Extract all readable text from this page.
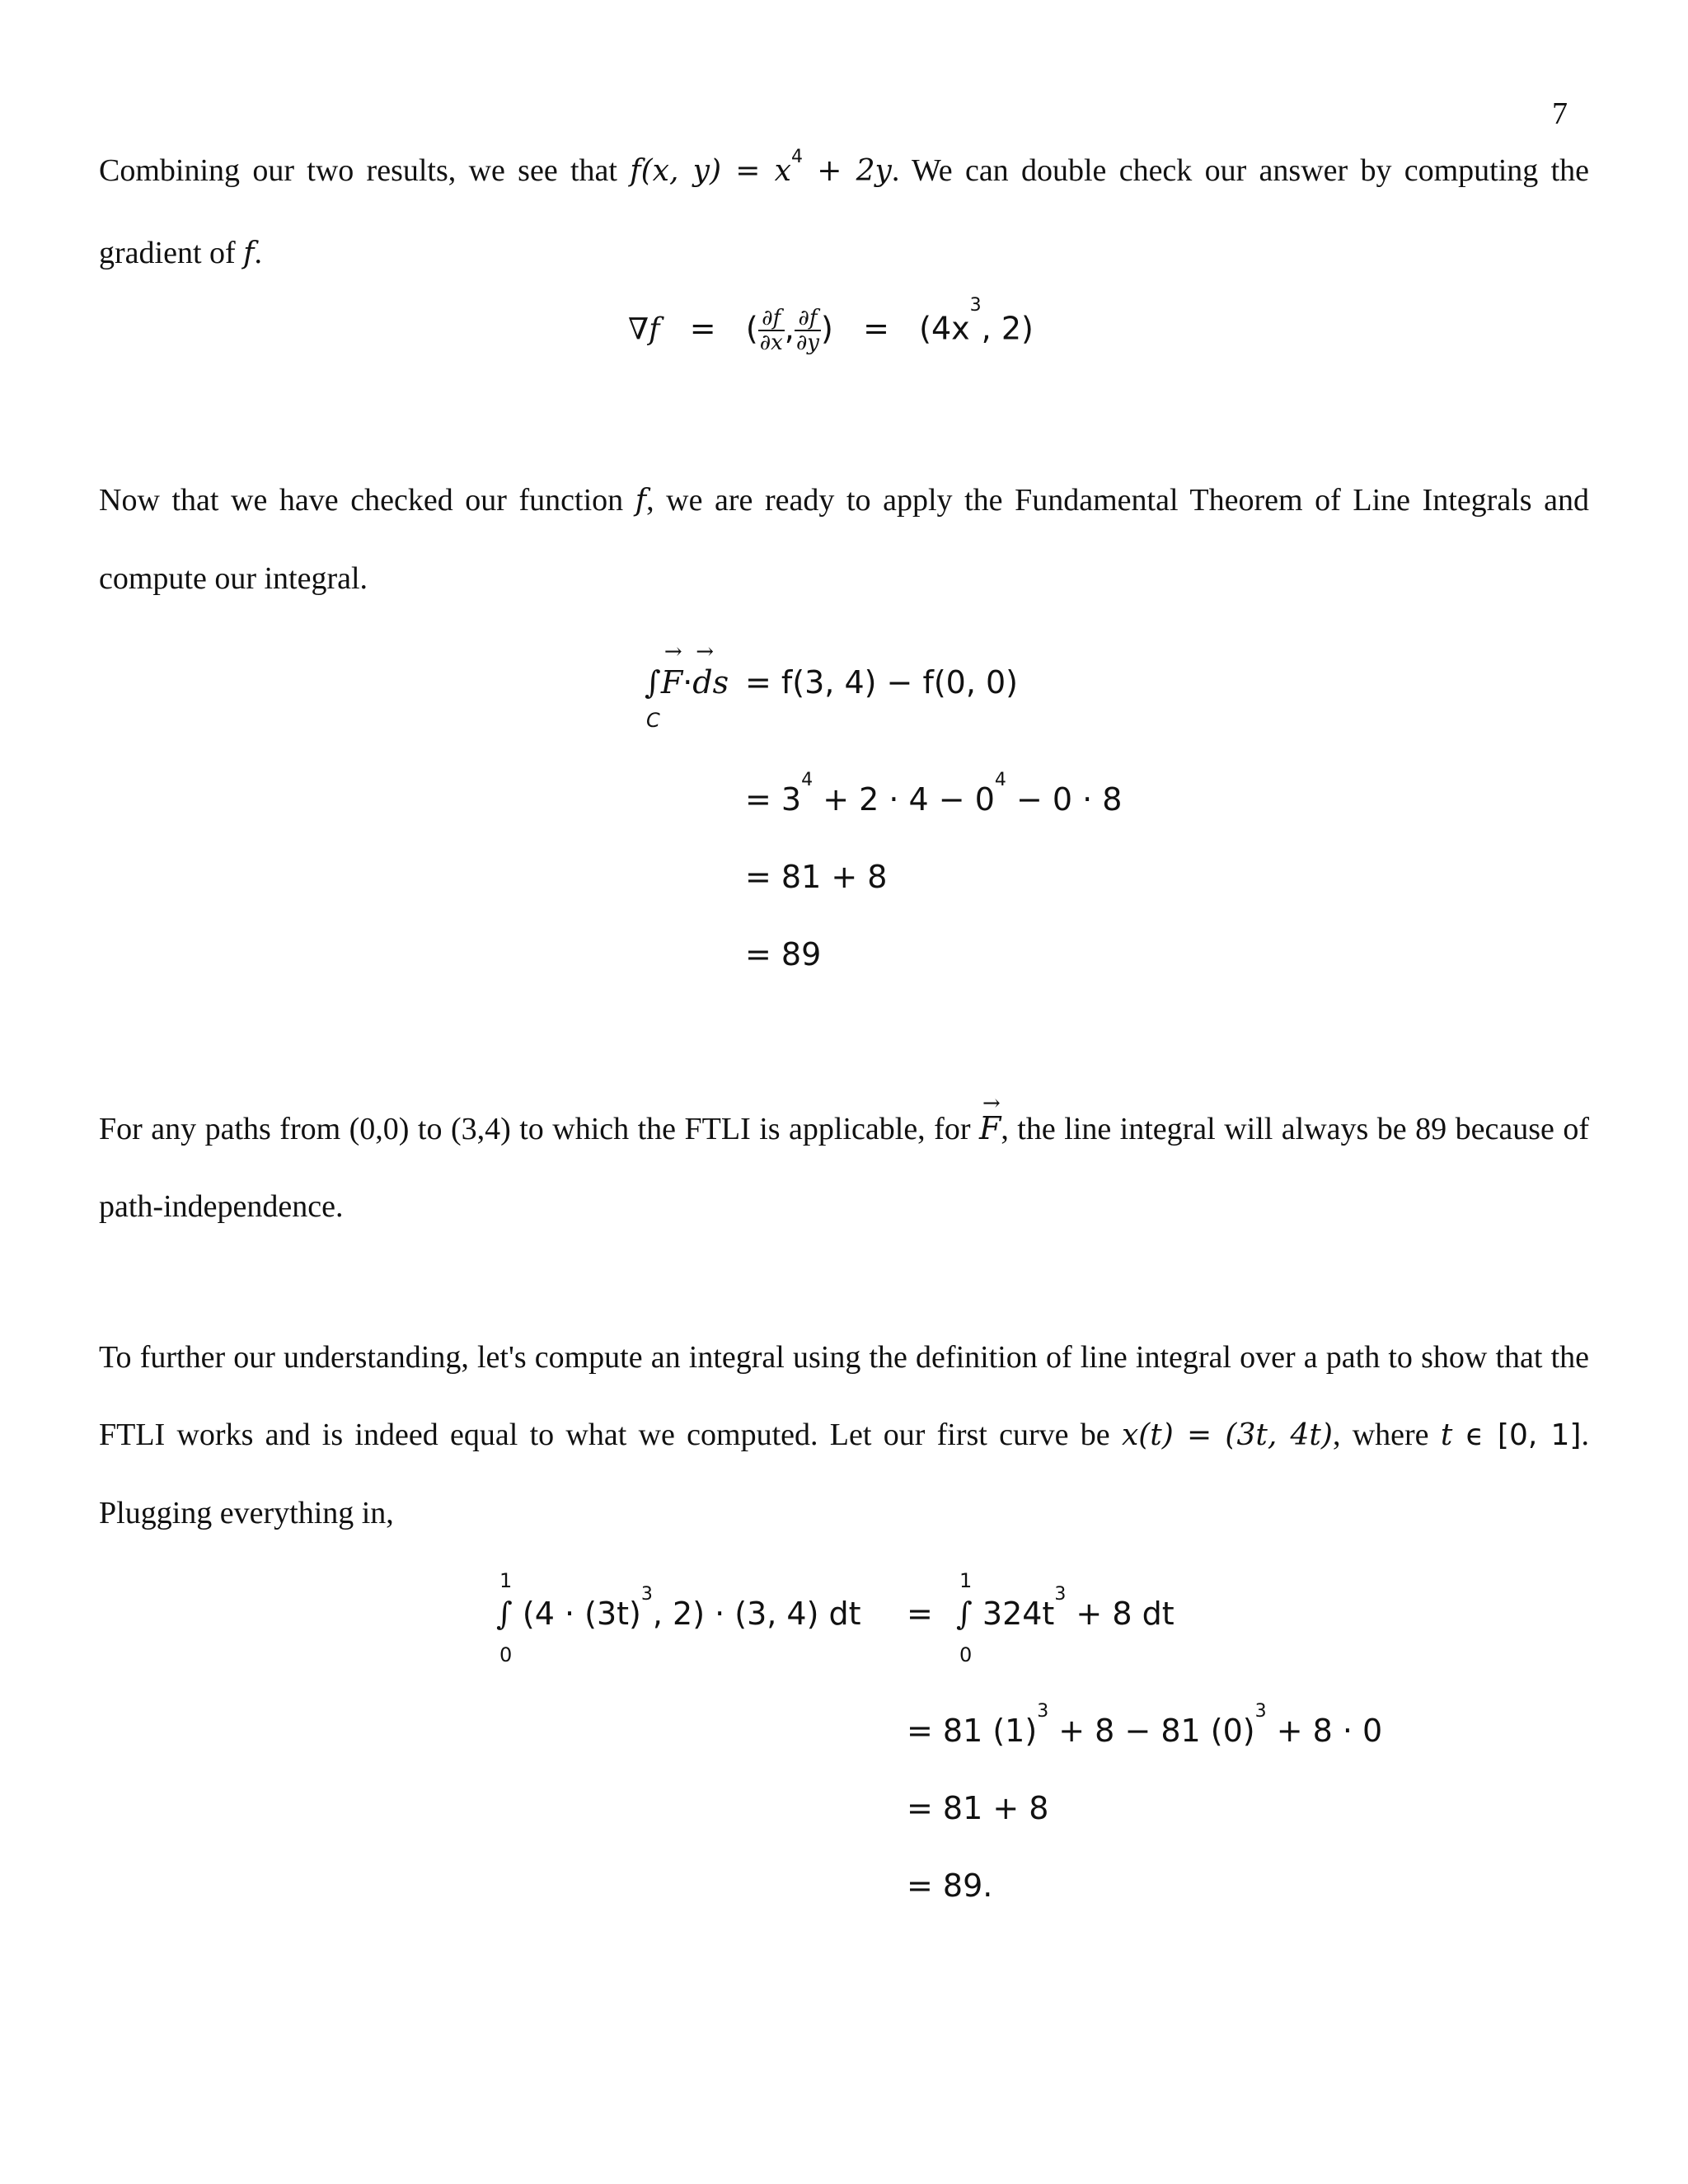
7
Combining our two results, we see that f(x, $y) = x^4 + 2y$. We can double check our answer by computing the gradient of f.
∇f = ( $\frac{\partial f}{\partial x}$ , $\frac{\partial f}{\partial y}$ ) = ($4x^3$, 2)
Now that we have checked our function f, we are ready to apply the Fundamental Theorem of Line Integrals and compute our integral.
∫→ F·→ ds
C
= f(3, 4) − f(0, 0)
= $3^4 + 2 \cdot 4 - 0^4 - 0 \cdot 8$
= 81 + 8
= 89
For any paths from (0,0) to (3,4) to which the FTLI is applicable, for → F, the line integral will always be 89 because of path-independence.
To further our understanding, let's compute an integral using the definition of line integral over a path to show that the FTLI works and is indeed equal to what we computed. Let our first curve be x(t) = (3t, 4t), where t ϵ [0, 1]. Plugging everything in,
1
0
∫ ($4 \cdot (3t)^3$, 2) · (3, 4) dt =
1
0
∫ $324t^3 + 8$ dt
= 81 $(1)^3 + 8 - 81$ $(0)^3 + 8 \cdot 0$
= 81 + 8
= 89.
